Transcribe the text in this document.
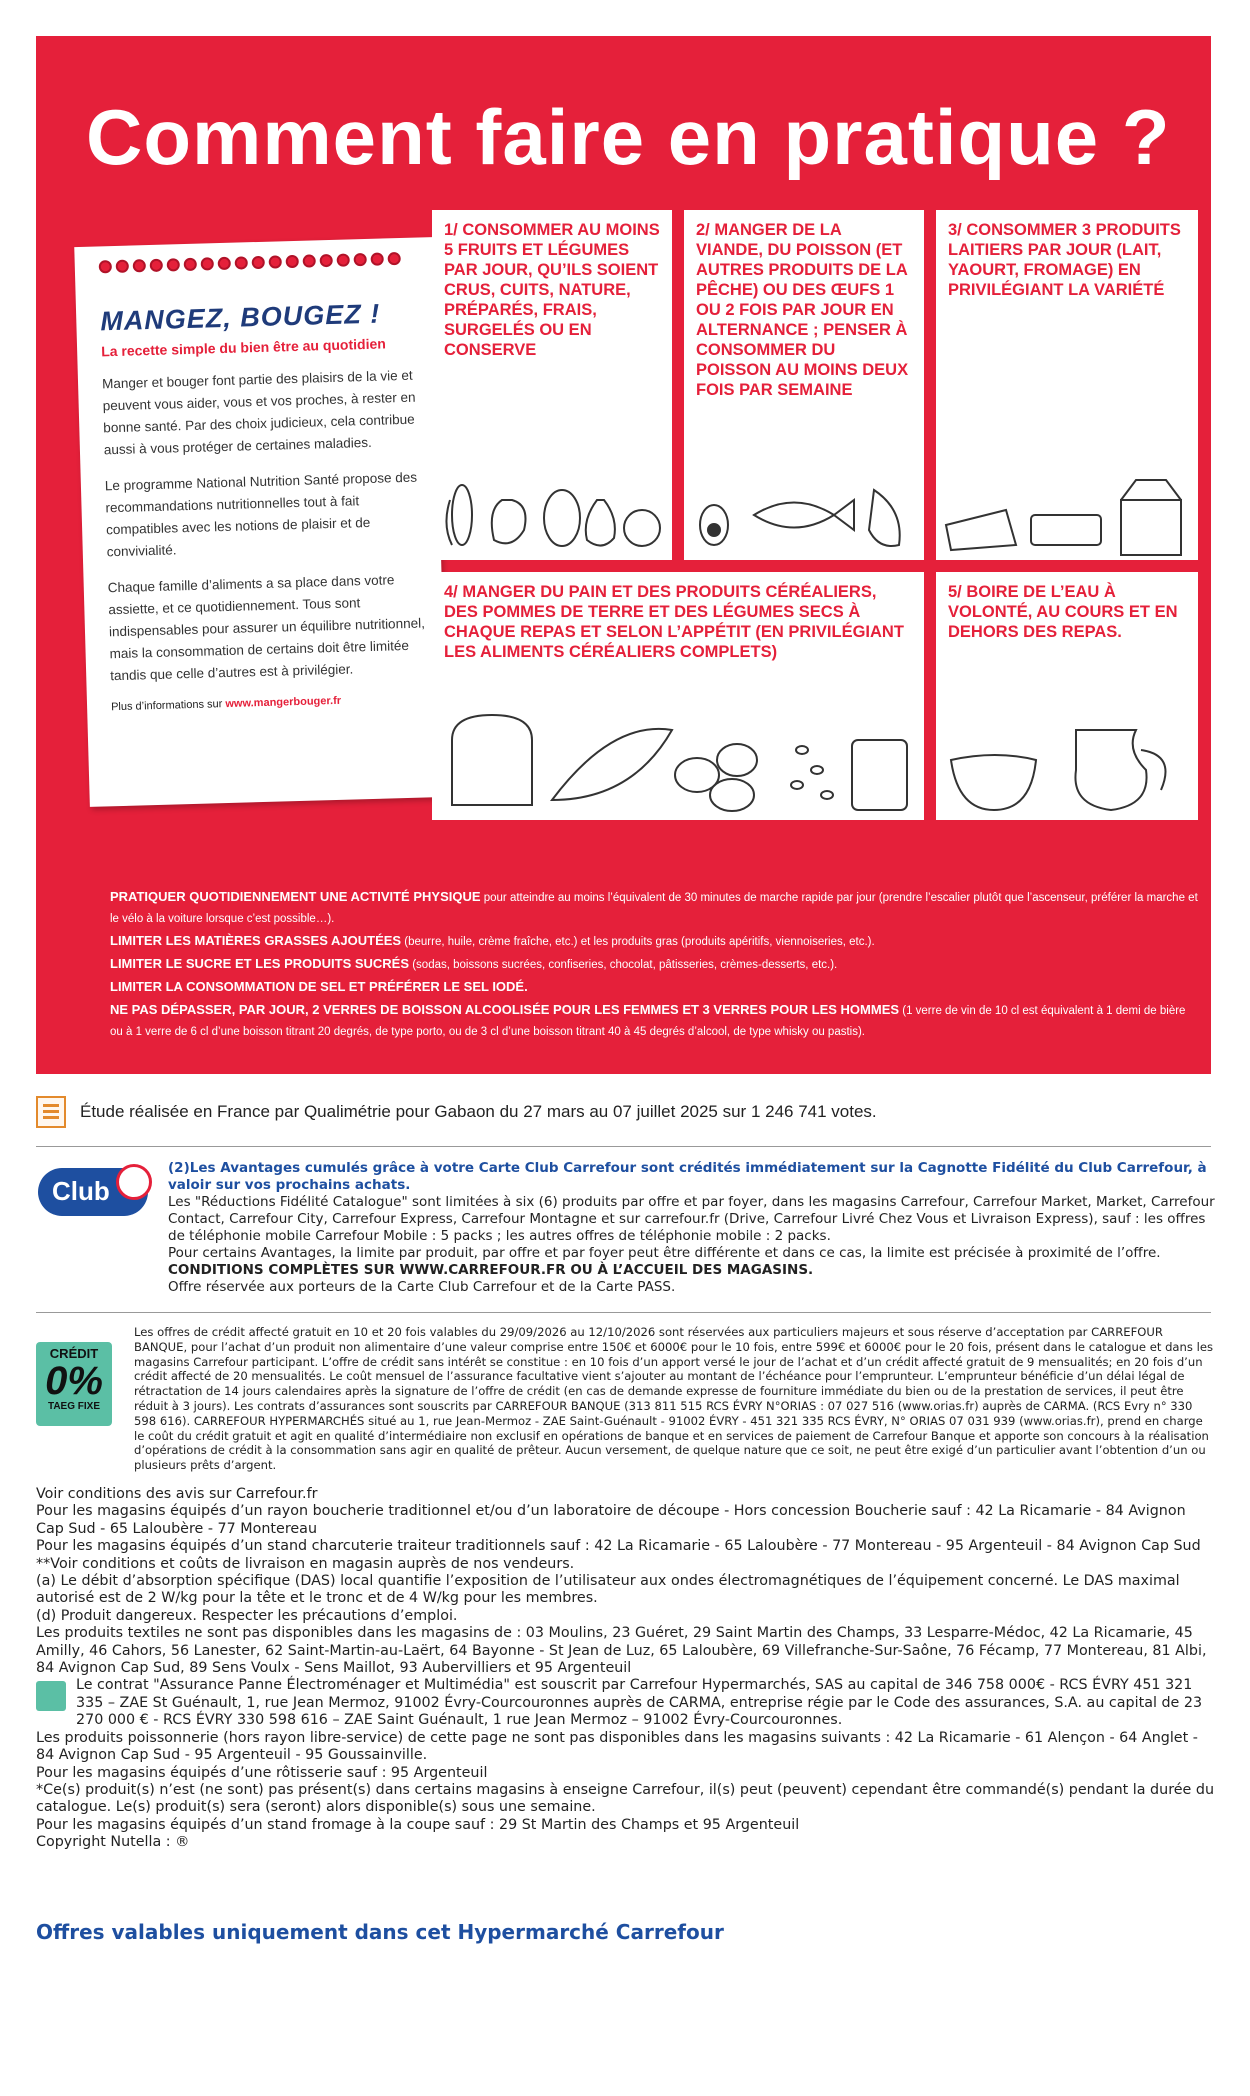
Comment faire en pratique ?
MANGEZ, BOUGEZ !
La recette simple du bien être au quotidien

Manger et bouger font partie des plaisirs de la vie et peuvent vous aider, vous et vos proches, à rester en bonne santé. Par des choix judicieux, cela contribue aussi à vous protéger de certaines maladies.

Le programme National Nutrition Santé propose des recommandations nutritionnelles tout à fait compatibles avec les notions de plaisir et de convivialité.

Chaque famille d’aliments a sa place dans votre assiette, et ce quotidiennement. Tous sont indispensables pour assurer un équilibre nutritionnel, mais la consommation de certains doit être limitée tandis que celle d’autres est à privilégier.

Plus d’informations sur www.mangerbouger.fr
1/ CONSOMMER AU MOINS 5 FRUITS ET LÉGUMES PAR JOUR, QU’ILS SOIENT CRUS, CUITS, NATURE, PRÉPARÉS, FRAIS, SURGELÉS OU EN CONSERVE
2/ MANGER DE LA VIANDE, DU POISSON (ET AUTRES PRODUITS DE LA PÊCHE) OU DES ŒUFS 1 OU 2 FOIS PAR JOUR EN ALTERNANCE ; PENSER À CONSOMMER DU POISSON AU MOINS DEUX FOIS PAR SEMAINE
3/ CONSOMMER 3 PRODUITS LAITIERS PAR JOUR (LAIT, YAOURT, FROMAGE) EN PRIVILÉGIANT LA VARIÉTÉ
4/ MANGER DU PAIN ET DES PRODUITS CÉRÉALIERS, DES POMMES DE TERRE ET DES LÉGUMES SECS À CHAQUE REPAS ET SELON L’APPÉTIT (EN PRIVILÉGIANT LES ALIMENTS CÉRÉALIERS COMPLETS)
5/ BOIRE DE L’EAU À VOLONTÉ, AU COURS ET EN DEHORS DES REPAS.
PRATIQUER QUOTIDIENNEMENT UNE ACTIVITÉ PHYSIQUE pour atteindre au moins l’équivalent de 30 minutes de marche rapide par jour (prendre l’escalier plutôt que l’ascenseur, préférer la marche et le vélo à la voiture lorsque c’est possible…).
LIMITER LES MATIÈRES GRASSES AJOUTÉES (beurre, huile, crème fraîche, etc.) et les produits gras (produits apéritifs, viennoiseries, etc.).
LIMITER LE SUCRE ET LES PRODUITS SUCRÉS (sodas, boissons sucrées, confiseries, chocolat, pâtisseries, crèmes-desserts, etc.).
LIMITER LA CONSOMMATION DE SEL ET PRÉFÉRER LE SEL IODÉ.
NE PAS DÉPASSER, PAR JOUR, 2 VERRES DE BOISSON ALCOOLISÉE POUR LES FEMMES ET 3 VERRES POUR LES HOMMES (1 verre de vin de 10 cl est équivalent à 1 demi de bière ou à 1 verre de 6 cl d’une boisson titrant 20 degrés, de type porto, ou de 3 cl d’une boisson titrant 40 à 45 degrés d’alcool, de type whisky ou pastis).
Étude réalisée en France par Qualimétrie pour Gabaon du 27 mars au 07 juillet 2025 sur 1 246 741 votes.
Club
(2)Les Avantages cumulés grâce à votre Carte Club Carrefour sont crédités immédiatement sur la Cagnotte Fidélité du Club Carrefour, à valoir sur vos prochains achats.
Les "Réductions Fidélité Catalogue" sont limitées à six (6) produits par offre et par foyer, dans les magasins Carrefour, Carrefour Market, Market, Carrefour Contact, Carrefour City, Carrefour Express, Carrefour Montagne et sur carrefour.fr (Drive, Carrefour Livré Chez Vous et Livraison Express), sauf : les offres de téléphonie mobile Carrefour Mobile : 5 packs ; les autres offres de téléphonie mobile : 2 packs.
Pour certains Avantages, la limite par produit, par offre et par foyer peut être différente et dans ce cas, la limite est précisée à proximité de l’offre.
CONDITIONS COMPLÈTES SUR WWW.CARREFOUR.FR OU À L’ACCUEIL DES MAGASINS.
Offre réservée aux porteurs de la Carte Club Carrefour et de la Carte PASS.
CRÉDIT
0%
TAEG FIXE
Les offres de crédit affecté gratuit en 10 et 20 fois valables du 29/09/2026 au 12/10/2026 sont réservées aux particuliers majeurs et sous réserve d’acceptation par CARREFOUR BANQUE, pour l’achat d’un produit non alimentaire d’une valeur comprise entre 150€ et 6000€ pour le 10 fois, entre 599€ et 6000€ pour le 20 fois, présent dans le catalogue et dans les magasins Carrefour participant. L’offre de crédit sans intérêt se constitue : en 10 fois d’un apport versé le jour de l’achat et d’un crédit affecté gratuit de 9 mensualités; en 20 fois d’un crédit affecté de 20 mensualités. Le coût mensuel de l’assurance facultative vient s’ajouter au montant de l’échéance pour l’emprunteur. L’emprunteur bénéficie d’un délai légal de rétractation de 14 jours calendaires après la signature de l’offre de crédit (en cas de demande expresse de fourniture immédiate du bien ou de la prestation de services, il peut être réduit à 3 jours). Les contrats d’assurances sont souscrits par CARREFOUR BANQUE (313 811 515 RCS ÉVRY N°ORIAS : 07 027 516 (www.orias.fr) auprès de CARMA. (RCS Evry n° 330 598 616). CARREFOUR HYPERMARCHÉS situé au 1, rue Jean-Mermoz - ZAE Saint-Guénault - 91002 ÉVRY - 451 321 335 RCS ÉVRY, N° ORIAS 07 031 939 (www.orias.fr), prend en charge le coût du crédit gratuit et agit en qualité d’intermédiaire non exclusif en opérations de banque et en services de paiement de Carrefour Banque et apporte son concours à la réalisation d’opérations de crédit à la consommation sans agir en qualité de prêteur. Aucun versement, de quelque nature que ce soit, ne peut être exigé d’un particulier avant l’obtention d’un ou plusieurs prêts d’argent.
Voir conditions des avis sur Carrefour.fr
Pour les magasins équipés d’un rayon boucherie traditionnel et/ou d’un laboratoire de découpe - Hors concession Boucherie sauf : 42 La Ricamarie - 84 Avignon Cap Sud - 65 Laloubère - 77 Montereau
Pour les magasins équipés d’un stand charcuterie traiteur traditionnels sauf : 42 La Ricamarie - 65 Laloubère - 77 Montereau - 95 Argenteuil - 84 Avignon Cap Sud
**Voir conditions et coûts de livraison en magasin auprès de nos vendeurs.
(a) Le débit d’absorption spécifique (DAS) local quantifie l’exposition de l’utilisateur aux ondes électromagnétiques de l’équipement concerné. Le DAS maximal autorisé est de 2 W/kg pour la tête et le tronc et de 4 W/kg pour les membres.
(d) Produit dangereux. Respecter les précautions d’emploi.
Les produits textiles ne sont pas disponibles dans les magasins de : 03 Moulins, 23 Guéret, 29 Saint Martin des Champs, 33 Lesparre-Médoc, 42 La Ricamarie, 45 Amilly, 46 Cahors, 56 Lanester, 62 Saint-Martin-au-Laërt, 64 Bayonne - St Jean de Luz, 65 Laloubère, 69 Villefranche-Sur-Saône, 76 Fécamp, 77 Montereau, 81 Albi, 84 Avignon Cap Sud, 89 Sens Voulx - Sens Maillot, 93 Aubervilliers et 95 Argenteuil
Le contrat "Assurance Panne Électroménager et Multimédia" est souscrit par Carrefour Hypermarchés, SAS au capital de 346 758 000€ - RCS ÉVRY 451 321 335 – ZAE St Guénault, 1, rue Jean Mermoz, 91002 Évry-Courcouronnes auprès de CARMA, entreprise régie par le Code des assurances, S.A. au capital de 23 270 000 € - RCS ÉVRY 330 598 616 – ZAE Saint Guénault, 1 rue Jean Mermoz – 91002 Évry-Courcouronnes.
Les produits poissonnerie (hors rayon libre-service) de cette page ne sont pas disponibles dans les magasins suivants : 42 La Ricamarie - 61 Alençon - 64 Anglet - 84 Avignon Cap Sud - 95 Argenteuil - 95 Goussainville.
Pour les magasins équipés d’une rôtisserie sauf : 95 Argenteuil
*Ce(s) produit(s) n’est (ne sont) pas présent(s) dans certains magasins à enseigne Carrefour, il(s) peut (peuvent) cependant être commandé(s) pendant la durée du catalogue. Le(s) produit(s) sera (seront) alors disponible(s) sous une semaine.
Pour les magasins équipés d’un stand fromage à la coupe sauf : 29 St Martin des Champs et 95 Argenteuil
Copyright Nutella : ®
Offres valables uniquement dans cet Hypermarché Carrefour
